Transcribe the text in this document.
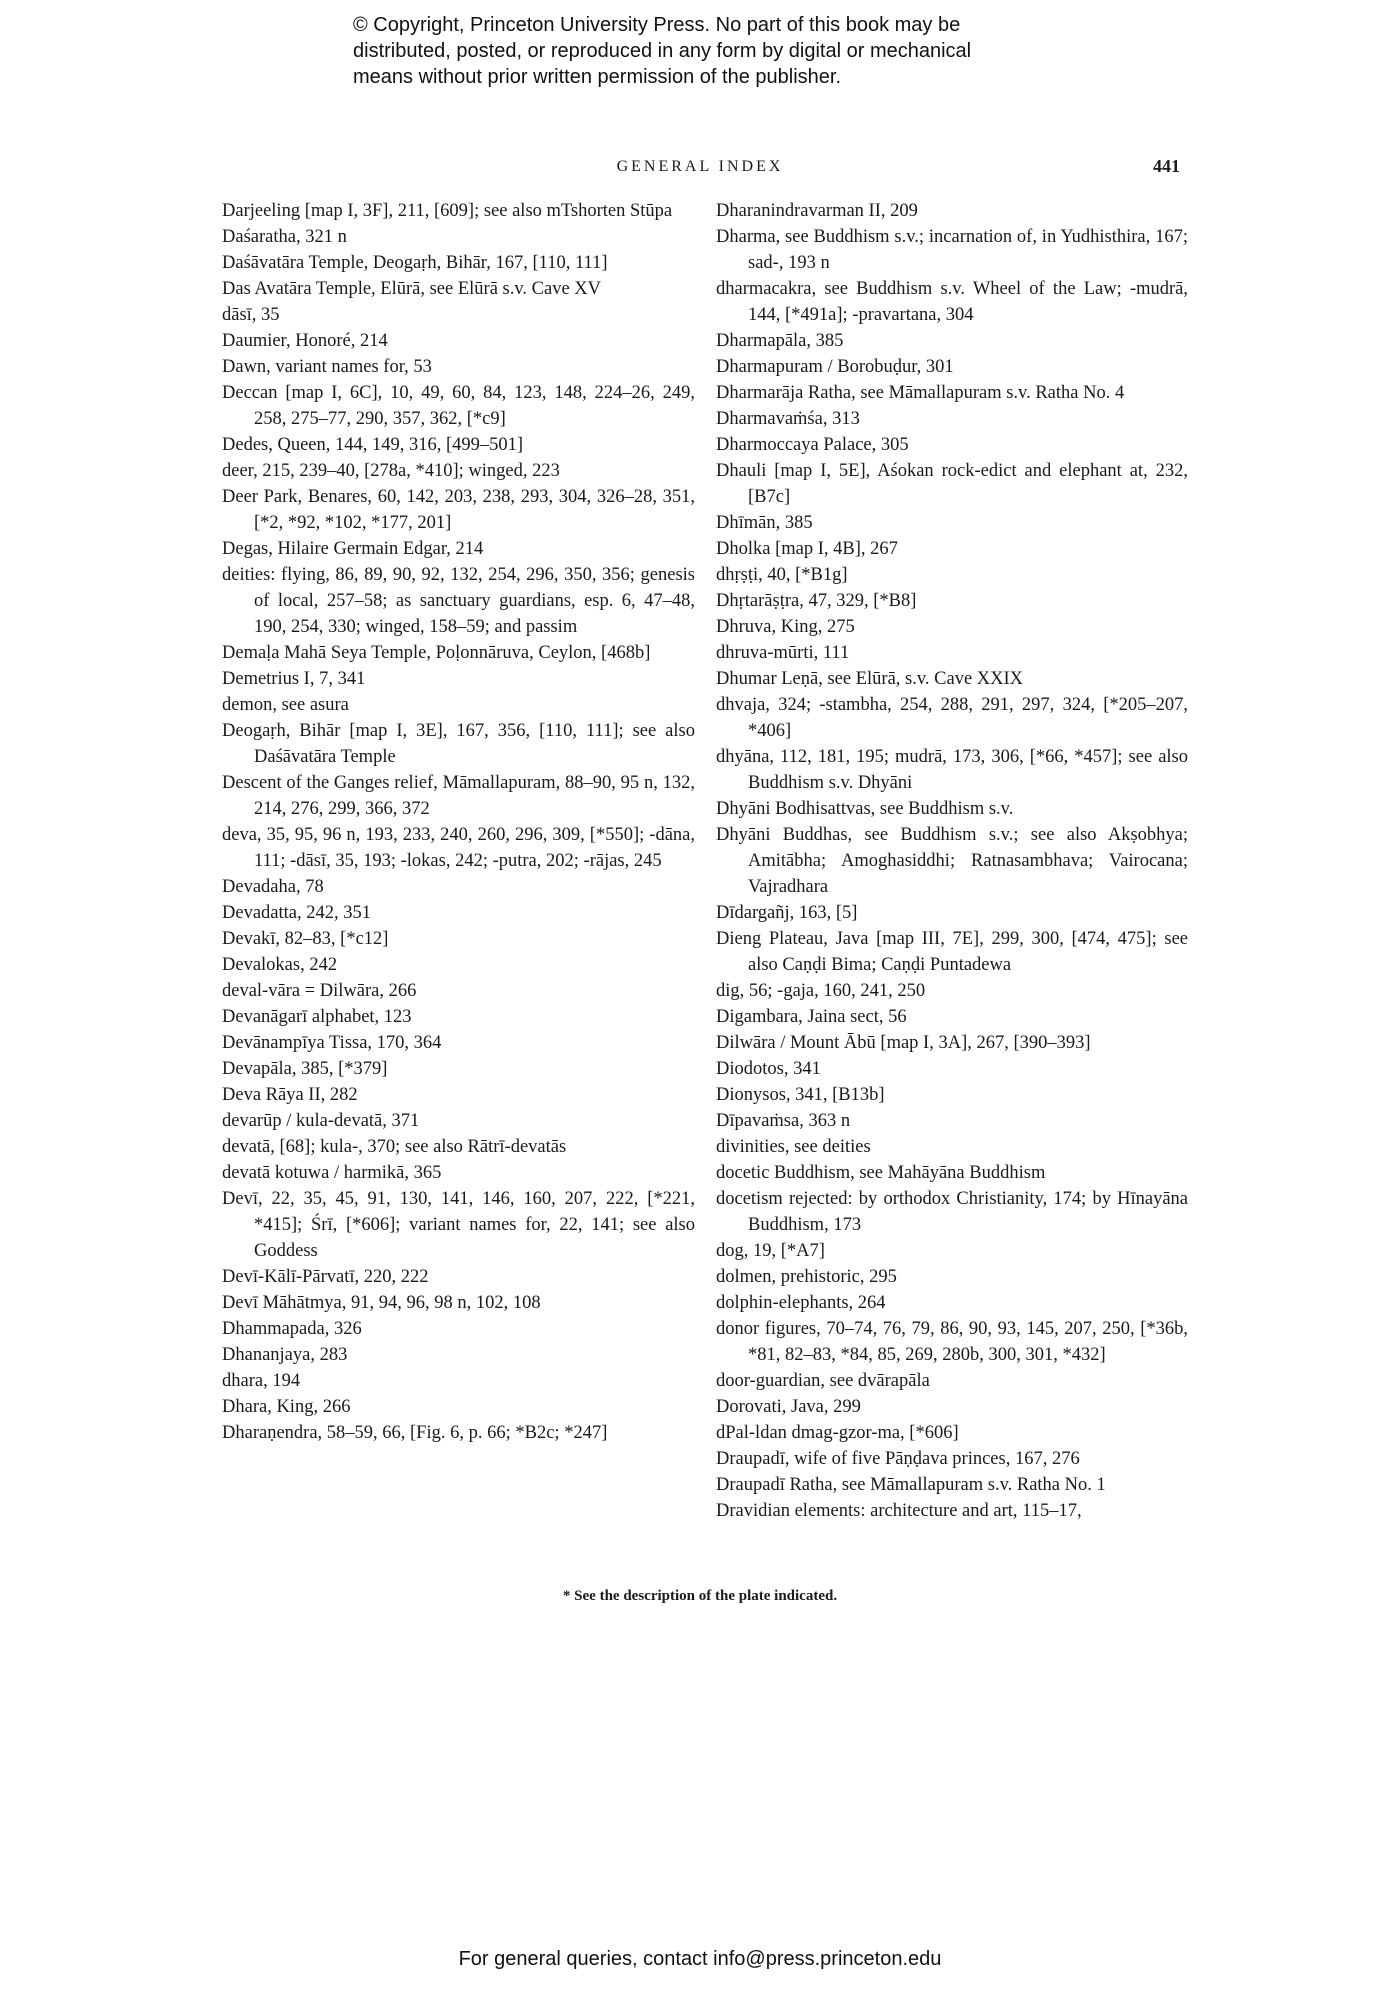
© Copyright, Princeton University Press. No part of this book may be
distributed, posted, or reproduced in any form by digital or mechanical
means without prior written permission of the publisher.
GENERAL INDEX	441
Darjeeling [map I, 3F], 211, [609]; see also mTshorten Stūpa
Daśaratha, 321 n
Daśāvatāra Temple, Deogaṛh, Bihār, 167, [110, 111]
Das Avatāra Temple, Elūrā, see Elūrā s.v. Cave XV
dāsī, 35
Daumier, Honoré, 214
Dawn, variant names for, 53
Deccan [map I, 6C], 10, 49, 60, 84, 123, 148, 224–26, 249, 258, 275–77, 290, 357, 362, [*c9]
Dedes, Queen, 144, 149, 316, [499–501]
deer, 215, 239–40, [278a, *410]; winged, 223
Deer Park, Benares, 60, 142, 203, 238, 293, 304, 326–28, 351, [*2, *92, *102, *177, 201]
Degas, Hilaire Germain Edgar, 214
deities: flying, 86, 89, 90, 92, 132, 254, 296, 350, 356; genesis of local, 257–58; as sanctuary guardians, esp. 6, 47–48, 190, 254, 330; winged, 158–59; and passim
Demaḷa Mahā Seya Temple, Poḷonnāruva, Ceylon, [468b]
Demetrius I, 7, 341
demon, see asura
Deogaṛh, Bihār [map I, 3E], 167, 356, [110, 111]; see also Daśāvatāra Temple
Descent of the Ganges relief, Māmallapuram, 88–90, 95 n, 132, 214, 276, 299, 366, 372
deva, 35, 95, 96 n, 193, 233, 240, 260, 296, 309, [*550]; -dāna, 111; -dāsī, 35, 193; -lokas, 242; -putra, 202; -rājas, 245
Devadaha, 78
Devadatta, 242, 351
Devakī, 82–83, [*c12]
Devalokas, 242
deval-vāra = Dilwāra, 266
Devanāgarī alphabet, 123
Devānampīya Tissa, 170, 364
Devapāla, 385, [*379]
Deva Rāya II, 282
devarūp / kula-devatā, 371
devatā, [68]; kula-, 370; see also Rātrī-devatās
devatā kotuwa / harmikā, 365
Devī, 22, 35, 45, 91, 130, 141, 146, 160, 207, 222, [*221, *415]; Śrī, [*606]; variant names for, 22, 141; see also Goddess
Devī-Kālī-Pārvatī, 220, 222
Devī Māhātmya, 91, 94, 96, 98 n, 102, 108
Dhammapada, 326
Dhananjaya, 283
dhara, 194
Dhara, King, 266
Dharaṇendra, 58–59, 66, [Fig. 6, p. 66; *B2c; *247]
Dharanindravarman II, 209
Dharma, see Buddhism s.v.; incarnation of, in Yudhisthira, 167; sad-, 193 n
dharmacakra, see Buddhism s.v. Wheel of the Law; -mudrā, 144, [*491a]; -pravartana, 304
Dharmapāla, 385
Dharmapuram / Borobuḍur, 301
Dharmarāja Ratha, see Māmallapuram s.v. Ratha No. 4
Dharmavaṁśa, 313
Dharmoccaya Palace, 305
Dhauli [map I, 5E], Aśokan rock-edict and elephant at, 232, [B7c]
Dhīmān, 385
Dholka [map I, 4B], 267
dhṛṣṭi, 40, [*B1g]
Dhṛtarāṣṭra, 47, 329, [*B8]
Dhruva, King, 275
dhruva-mūrti, 111
Dhumar Leṇā, see Elūrā, s.v. Cave XXIX
dhvaja, 324; -stambha, 254, 288, 291, 297, 324, [*205–207, *406]
dhyāna, 112, 181, 195; mudrā, 173, 306, [*66, *457]; see also Buddhism s.v. Dhyāni
Dhyāni Bodhisattvas, see Buddhism s.v.
Dhyāni Buddhas, see Buddhism s.v.; see also Akṣobhya; Amitābha; Amoghasiddhi; Ratnasambhava; Vairocana; Vajradhara
Dīdargañj, 163, [5]
Dieng Plateau, Java [map III, 7E], 299, 300, [474, 475]; see also Caṇḍi Bima; Caṇḍi Puntadewa
dig, 56; -gaja, 160, 241, 250
Digambara, Jaina sect, 56
Dilwāra / Mount Ābū [map I, 3A], 267, [390–393]
Diodotos, 341
Dionysos, 341, [B13b]
Dīpavaṁsa, 363 n
divinities, see deities
docetic Buddhism, see Mahāyāna Buddhism
docetism rejected: by orthodox Christianity, 174; by Hīnayāna Buddhism, 173
dog, 19, [*A7]
dolmen, prehistoric, 295
dolphin-elephants, 264
donor figures, 70–74, 76, 79, 86, 90, 93, 145, 207, 250, [*36b, *81, 82–83, *84, 85, 269, 280b, 300, 301, *432]
door-guardian, see dvārapāla
Dorovati, Java, 299
dPal-ldan dmag-gzor-ma, [*606]
Draupadī, wife of five Pāṇḍava princes, 167, 276
Draupadī Ratha, see Māmallapuram s.v. Ratha No. 1
Dravidian elements: architecture and art, 115–17,
* See the description of the plate indicated.
For general queries, contact info@press.princeton.edu
